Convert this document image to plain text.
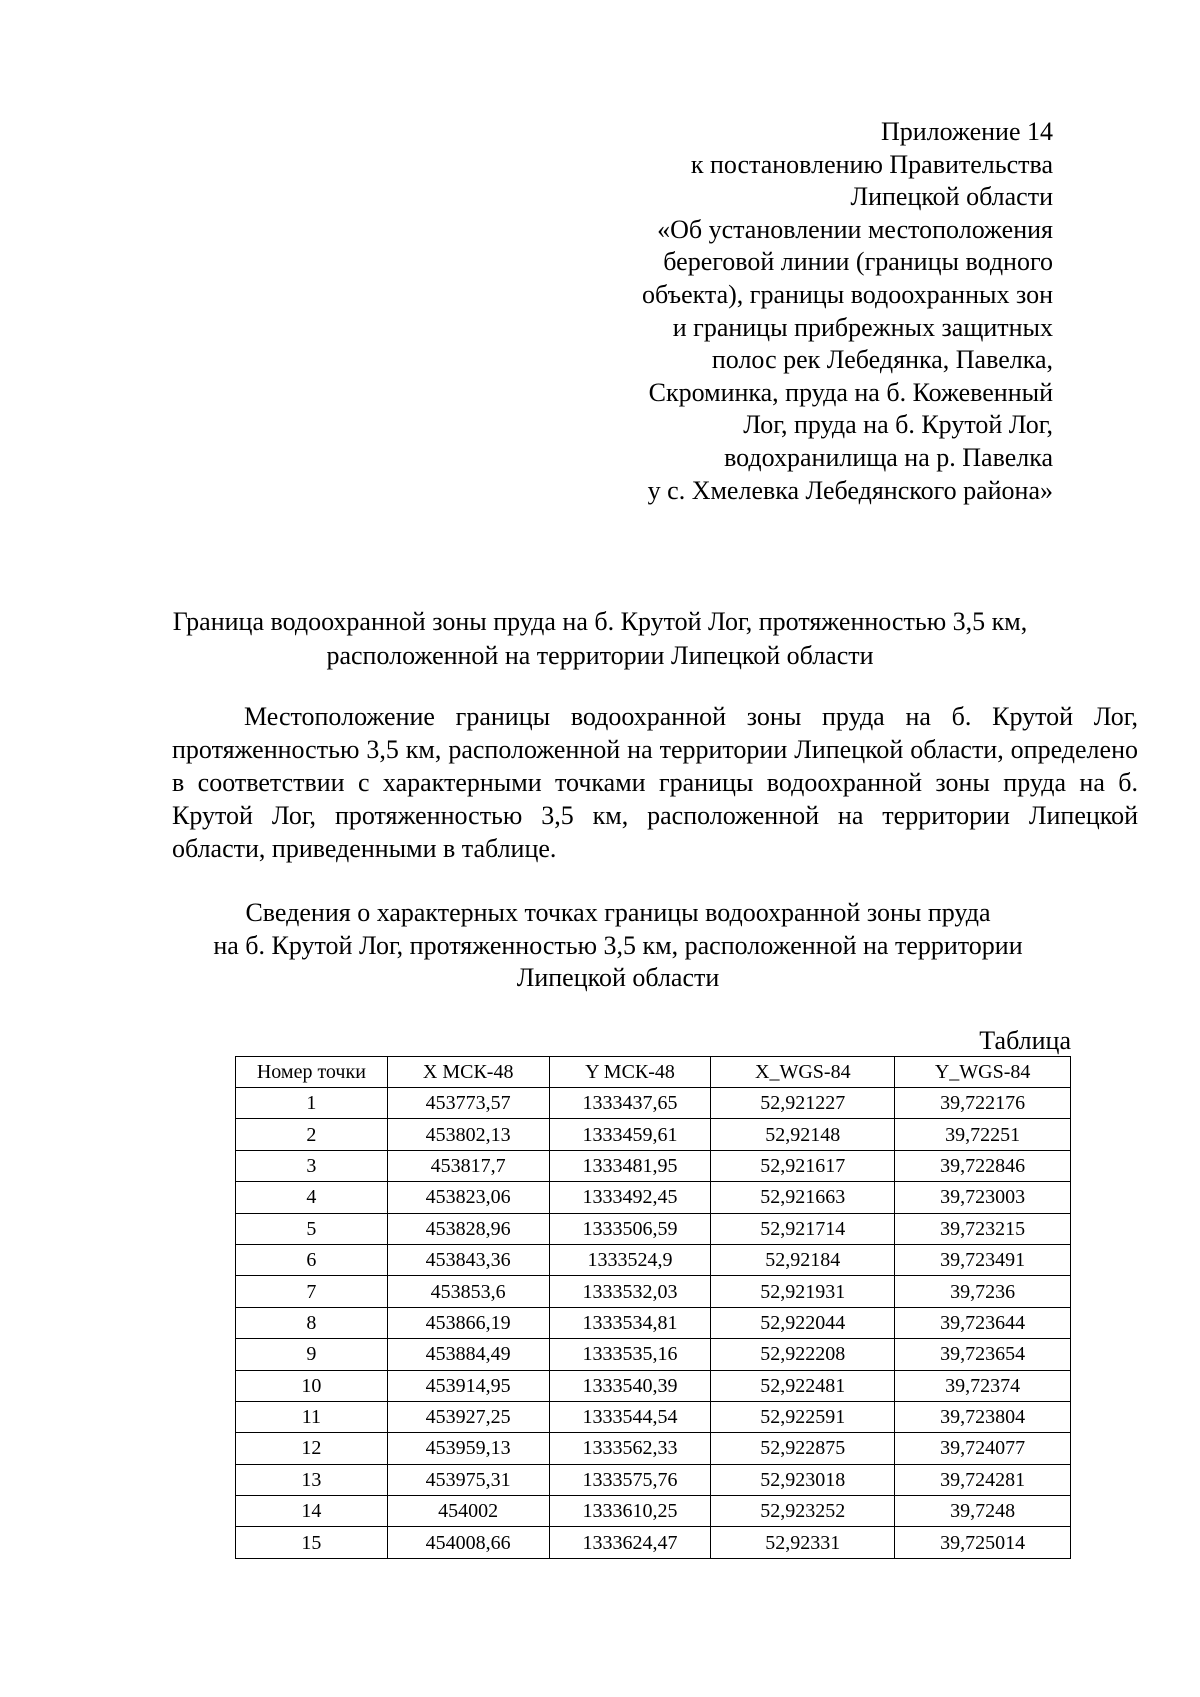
Приложение 14
к постановлению Правительства
Липецкой области
«Об установлении местоположения
береговой линии (границы водного
объекта), границы водоохранных зон
и границы прибрежных защитных
полос рек Лебедянка, Павелка,
Скроминка, пруда на б. Кожевенный
Лог, пруда на б. Крутой Лог,
водохранилища на р. Павелка
у с. Хмелевка Лебедянского района»
Граница водоохранной зоны пруда на б. Крутой Лог, протяженностью 3,5 км,
расположенной на территории Липецкой области

Местоположение границы водоохранной зоны пруда на б. Крутой Лог, протяженностью 3,5 км, расположенной на территории Липецкой области, определено в соответствии с характерными точками границы водоохранной зоны пруда на б. Крутой Лог, протяженностью 3,5 км, расположенной на территории Липецкой области, приведенными в таблице.

Сведения о характерных точках границы водоохранной зоны пруда
на б. Крутой Лог, протяженностью 3,5 км, расположенной на территории
Липецкой области
Таблица
Номер точки	X МСК-48	Y МСК-48	X_WGS-84	Y_WGS-84
1	453773,57	1333437,65	52,921227	39,722176
2	453802,13	1333459,61	52,92148	39,72251
3	453817,7	1333481,95	52,921617	39,722846
4	453823,06	1333492,45	52,921663	39,723003
5	453828,96	1333506,59	52,921714	39,723215
6	453843,36	1333524,9	52,92184	39,723491
7	453853,6	1333532,03	52,921931	39,7236
8	453866,19	1333534,81	52,922044	39,723644
9	453884,49	1333535,16	52,922208	39,723654
10	453914,95	1333540,39	52,922481	39,72374
11	453927,25	1333544,54	52,922591	39,723804
12	453959,13	1333562,33	52,922875	39,724077
13	453975,31	1333575,76	52,923018	39,724281
14	454002	1333610,25	52,923252	39,7248
15	454008,66	1333624,47	52,92331	39,725014
